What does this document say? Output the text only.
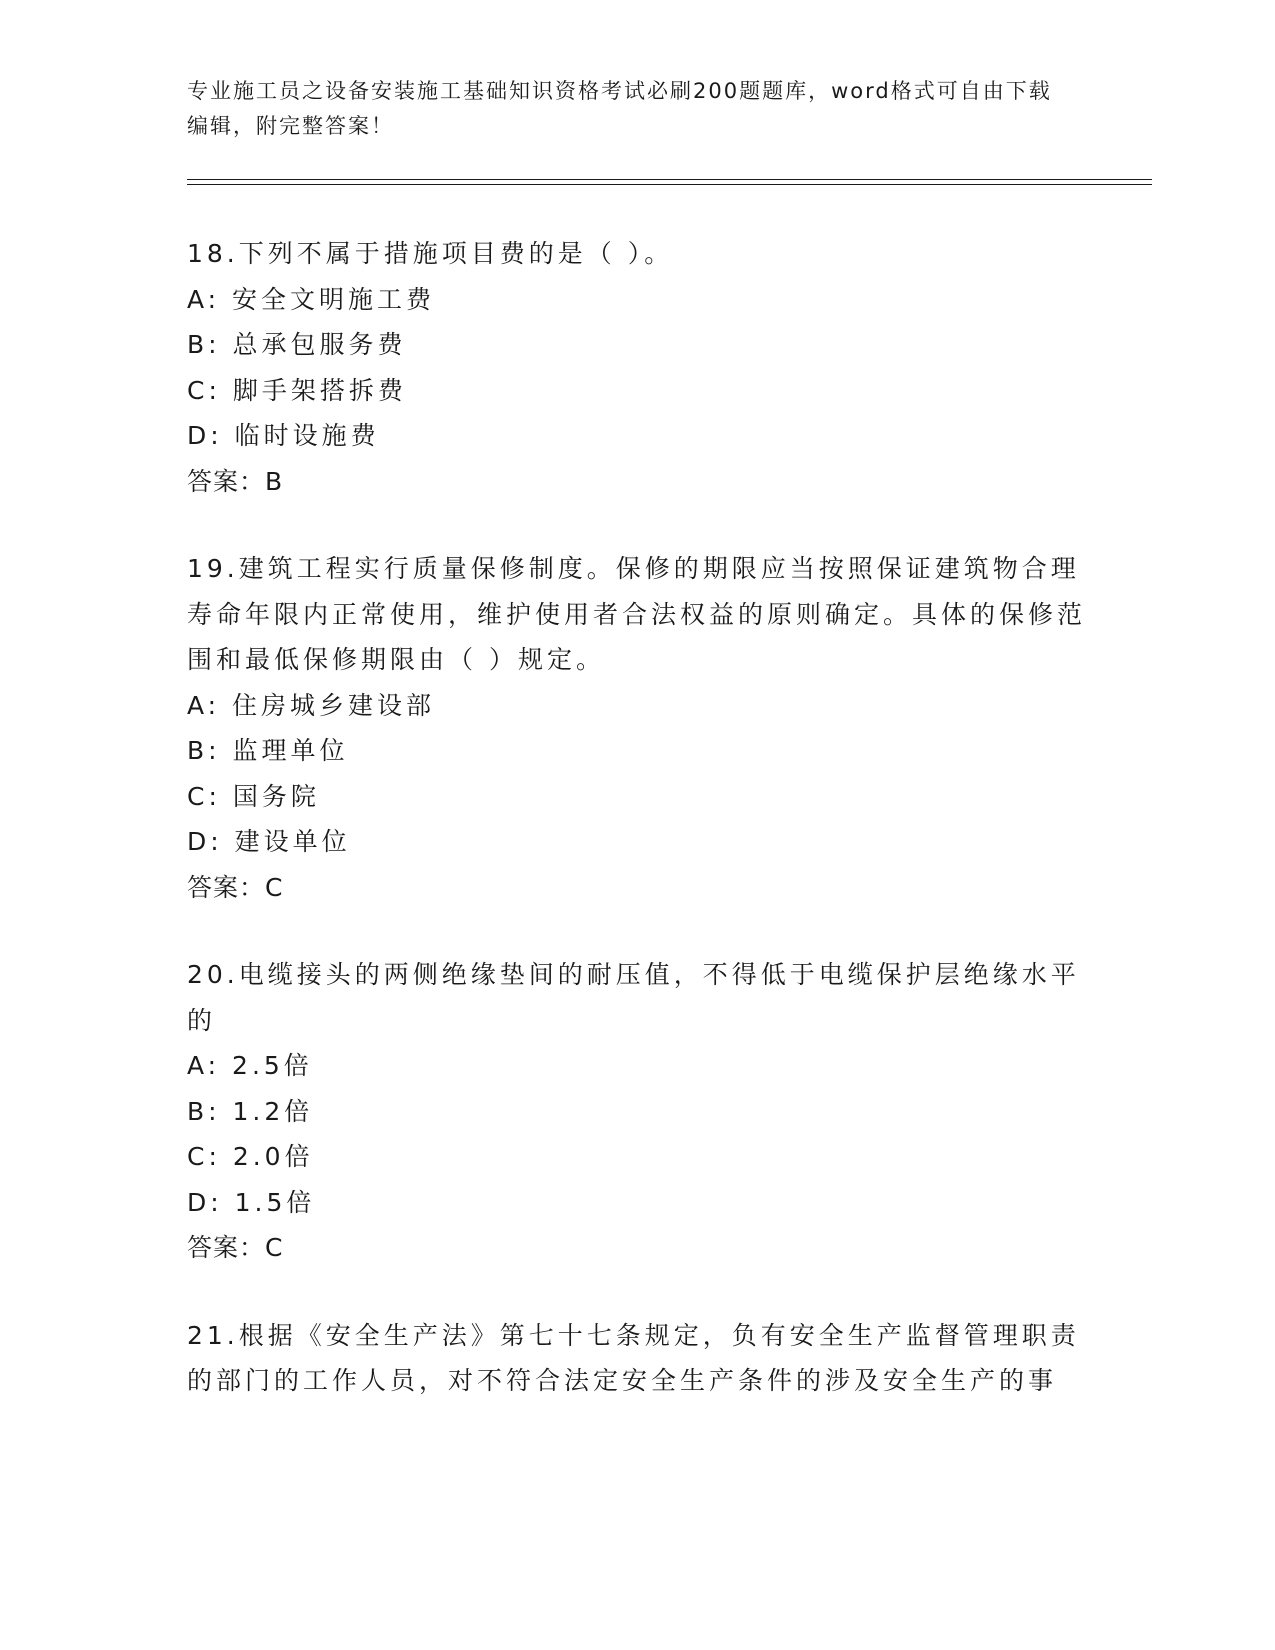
专业施工员之设备安装施工基础知识资格考试必刷200题题库，word格式可自由下载编辑，附完整答案！
18.下列不属于措施项目费的是（ ）。
A: 安全文明施工费
B: 总承包服务费
C: 脚手架搭拆费
D: 临时设施费
答案：B
19.建筑工程实行质量保修制度。保修的期限应当按照保证建筑物合理寿命年限内正常使用，维护使用者合法权益的原则确定。具体的保修范围和最低保修期限由（ ）规定。
A: 住房城乡建设部
B: 监理单位
C: 国务院
D: 建设单位
答案：C
20.电缆接头的两侧绝缘垫间的耐压值，不得低于电缆保护层绝缘水平的
A: 2.5倍
B: 1.2倍
C: 2.0倍
D: 1.5倍
答案：C
21.根据《安全生产法》第七十七条规定，负有安全生产监督管理职责的部门的工作人员，对不符合法定安全生产条件的涉及安全生产的事
